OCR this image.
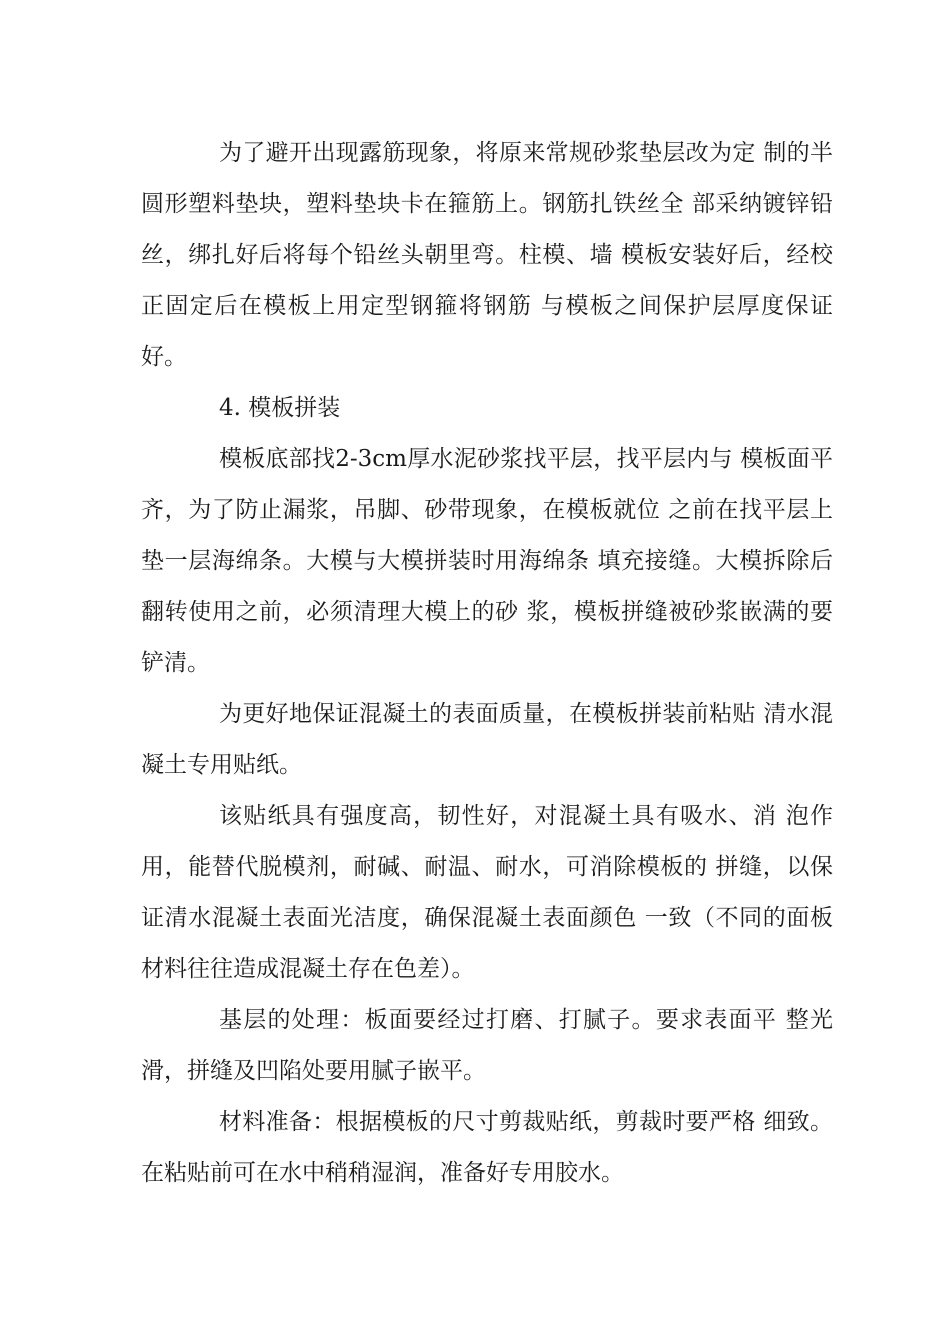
为了避开出现露筋现象，将原来常规砂浆垫层改为定 制的半圆形塑料垫块，塑料垫块卡在箍筋上。钢筋扎铁丝全 部采纳镀锌铅丝，绑扎好后将每个铅丝头朝里弯。柱模、墙 模板安装好后，经校正固定后在模板上用定型钢箍将钢筋 与模板之间保护层厚度保证好。

4. 模板拼装

模板底部找2-3cm厚水泥砂浆找平层，找平层内与 模板面平齐，为了防止漏浆，吊脚、砂带现象，在模板就位 之前在找平层上垫一层海绵条。大模与大模拼装时用海绵条 填充接缝。大模拆除后翻转使用之前，必须清理大模上的砂 浆，模板拼缝被砂浆嵌满的要铲清。

为更好地保证混凝土的表面质量，在模板拼装前粘贴 清水混凝土专用贴纸。

该贴纸具有强度高，韧性好，对混凝土具有吸水、消 泡作用，能替代脱模剂，耐碱、耐温、耐水，可消除模板的 拼缝，以保证清水混凝土表面光洁度，确保混凝土表面颜色 一致（不同的面板材料往往造成混凝土存在色差）。

基层的处理：板面要经过打磨、打腻子。要求表面平 整光滑，拼缝及凹陷处要用腻子嵌平。

材料准备：根据模板的尺寸剪裁贴纸，剪裁时要严格 细致。在粘贴前可在水中稍稍湿润，准备好专用胶水。
